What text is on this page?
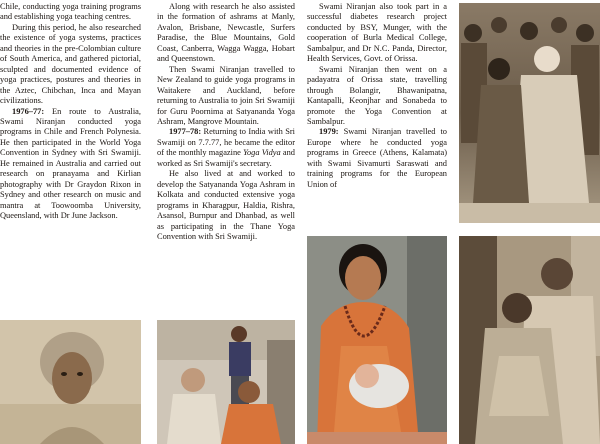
Chile, conducting yoga training programs and establishing yoga teaching centres.

During this period, he also researched the existence of yoga systems, practices and theories in the pre-Colombian culture of South America, and gathered pictorial, sculpted and documented evidence of yoga practices, postures and theories in the Aztec, Chibchan, Inca and Mayan civilizations.

1976–77: En route to Australia, Swami Niranjan conducted yoga programs in Chile and French Polynesia. He then participated in the World Yoga Convention in Sydney with Sri Swamiji. He remained in Australia and carried out research on pranayama and Kirlian photography with Dr Graydon Rixon in Sydney and other research on music and mantra at Toowoomba University, Queensland, with Dr June Jackson.

Along with research he also assisted in the formation of ashrams at Manly, Avalon, Brisbane, Newcastle, Surfers Paradise, the Blue Mountains, Gold Coast, Canberra, Wagga Wagga, Hobart and Queenstown.

Then Swami Niranjan travelled to New Zealand to guide yoga programs in Waitakere and Auckland, before returning to Australia to join Sri Swamiji for Guru Poornima at Satyananda Yoga Ashram, Mangrove Mountain.

1977–78: Returning to India with Sri Swamiji on 7.7.77, he became the editor of the monthly magazine Yoga Vidya and worked as Sri Swamiji's secretary.

He also lived at and worked to develop the Satyananda Yoga Ashram in Kolkata and conducted extensive yoga programs in Kharagpur, Haldia, Rishra, Asansol, Burnpur and Dhanbad, as well as participating in the Thane Yoga Convention with Sri Swamiji.

Swami Niranjan also took part in a successful diabetes research project conducted by BSY, Munger, with the cooperation of Burla Medical College, Sambalpur, and Dr N.C. Panda, Director, Health Services, Govt. of Orissa.

Swami Niranjan then went on a padayatra of Orissa state, travelling through Bolangir, Bhawanipatna, Kantapalli, Keonjhar and Sonabeda to promote the Yoga Convention at Sambalpur.

1979: Swami Niranjan travelled to Europe where he conducted yoga programs in Greece (Athens, Kalamata) with Swami Sivamurti Saraswati and training programs for the European Union of
